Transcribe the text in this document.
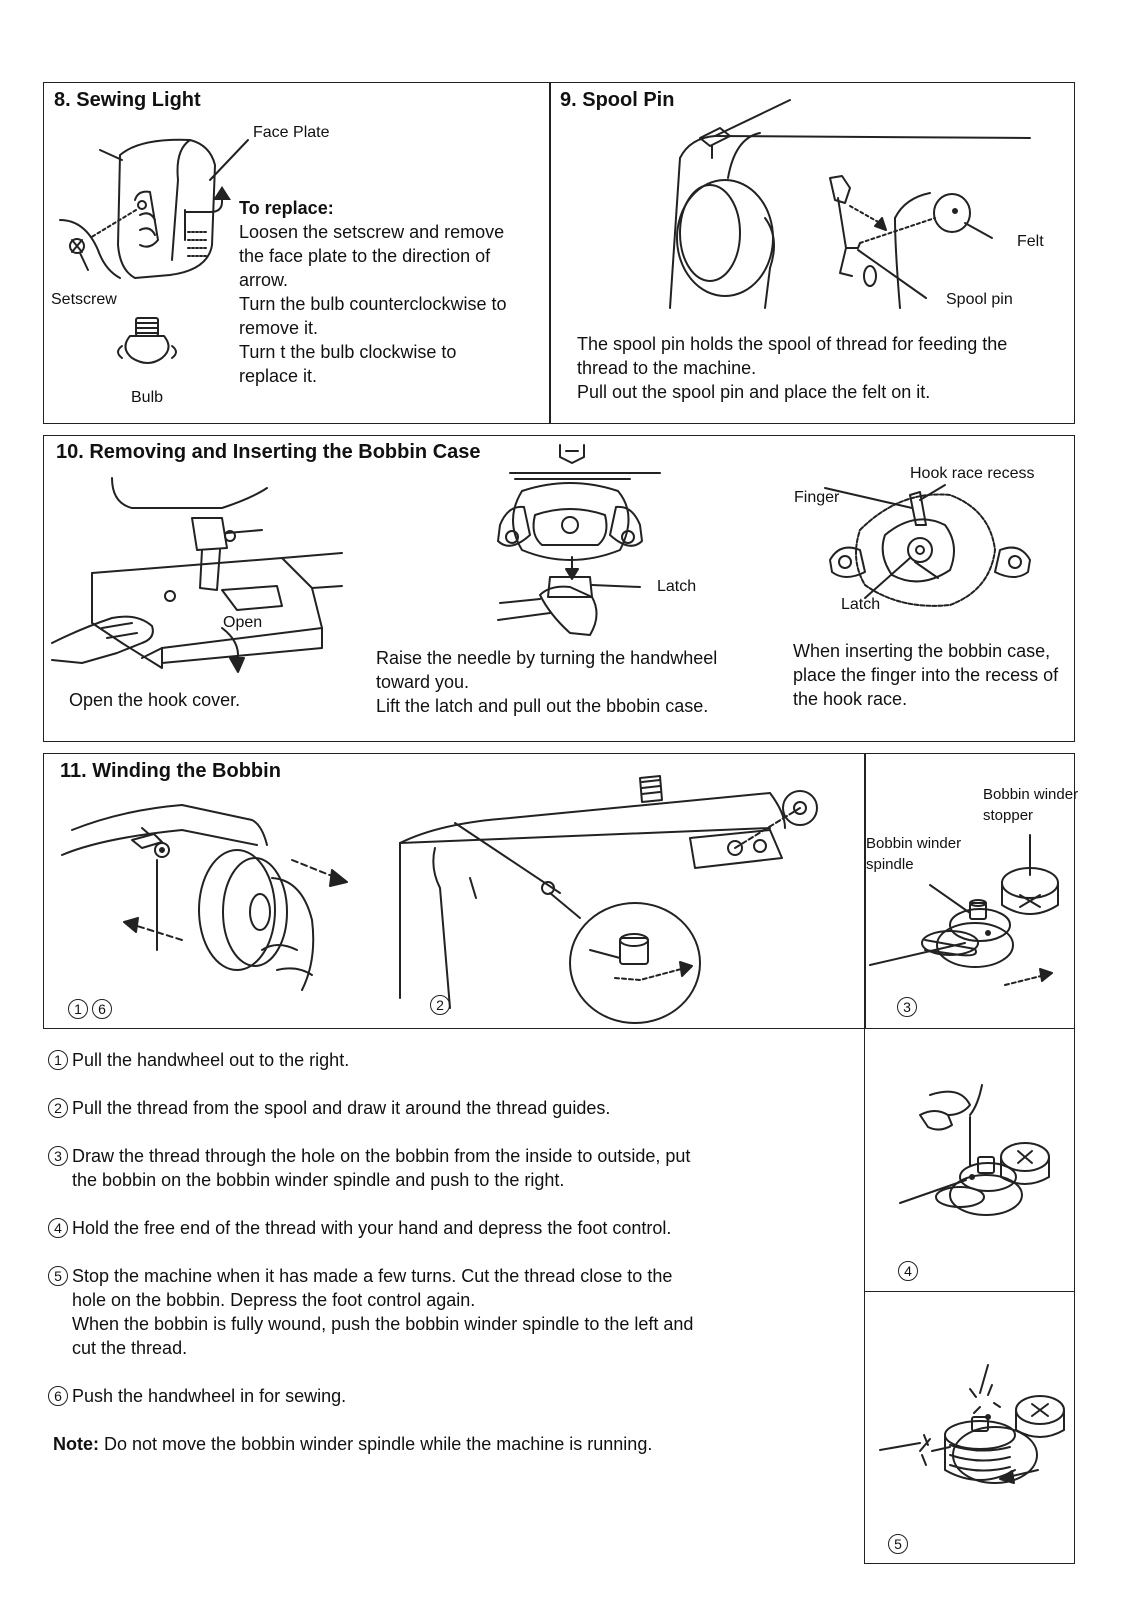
8. Sewing Light
Face Plate
Setscrew
Bulb
To replace:
Loosen the setscrew and remove
the face plate to the direction of
arrow.
Turn the bulb counterclockwise to
remove it.
Turn t the bulb clockwise to
replace it.
9. Spool Pin
Felt
Spool pin
The spool pin holds the spool of thread for feeding the
thread to the machine.
Pull out the spool pin and place the felt on it.
10. Removing and Inserting the Bobbin Case
Open
Open the hook cover.
Latch
Raise the needle by turning the handwheel
toward you.
Lift the latch and pull out the bbobin case.
Hook race recess
Finger
Latch
When inserting the bobbin case,
place the finger into the recess of
the hook race.
11. Winding the Bobbin
1 6	2
Bobbin winder
stopper
Bobbin winder
spindle
3
4
5
1 Pull the handwheel out to the right.
2 Pull the thread from the spool and draw it around the thread guides.
3 Draw the thread through the hole on the bobbin from the inside to outside, put
the bobbin on the bobbin winder spindle and push to the right.
4 Hold the free end of the thread with your hand and depress the foot control.
5 Stop the machine when it has made a few turns. Cut the thread close to the
hole on the bobbin. Depress the foot control again.
When the bobbin is fully wound, push the bobbin winder spindle to the left and
cut the thread.
6 Push the handwheel in for sewing.
Note: Do not move the bobbin winder spindle while the machine is running.
